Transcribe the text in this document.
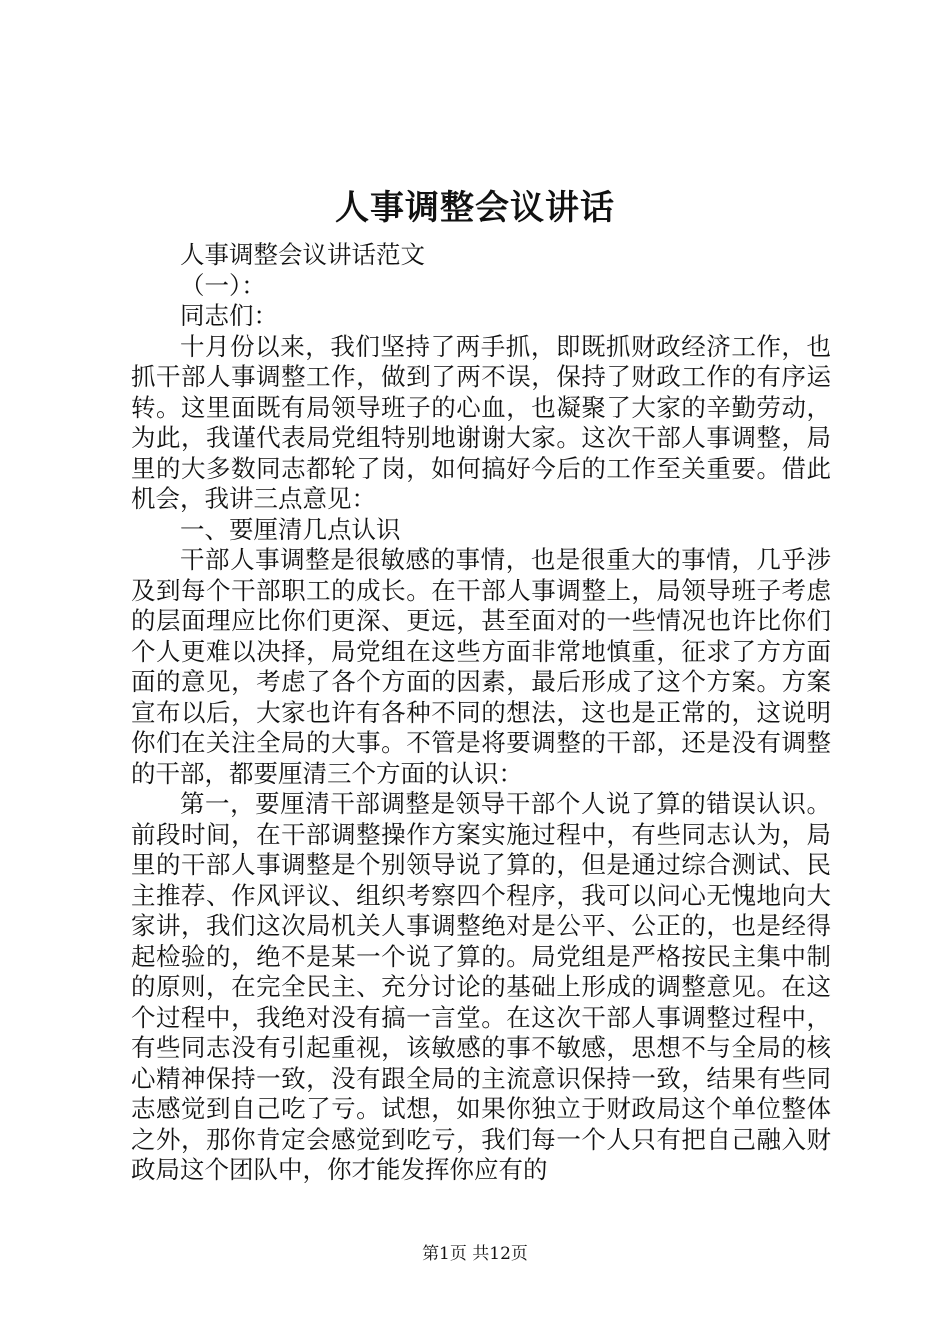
人事调整会议讲话

人事调整会议讲话范文

（一）：

同志们：

十月份以来，我们坚持了两手抓，即既抓财政经济工作，也抓干部人事调整工作，做到了两不误，保持了财政工作的有序运转。这里面既有局领导班子的心血，也凝聚了大家的辛勤劳动，为此，我谨代表局党组特别地谢谢大家。这次干部人事调整，局里的大多数同志都轮了岗，如何搞好今后的工作至关重要。借此机会，我讲三点意见：

一、要厘清几点认识

干部人事调整是很敏感的事情，也是很重大的事情，几乎涉及到每个干部职工的成长。在干部人事调整上，局领导班子考虑的层面理应比你们更深、更远，甚至面对的一些情况也许比你们个人更难以决择，局党组在这些方面非常地慎重，征求了方方面面的意见，考虑了各个方面的因素，最后形成了这个方案。方案宣布以后，大家也许有各种不同的想法，这也是正常的，这说明你们在关注全局的大事。不管是将要调整的干部，还是没有调整的干部，都要厘清三个方面的认识：

第一，要厘清干部调整是领导干部个人说了算的错误认识。前段时间，在干部调整操作方案实施过程中，有些同志认为，局里的干部人事调整是个别领导说了算的，但是通过综合测试、民主推荐、作风评议、组织考察四个程序，我可以问心无愧地向大家讲，我们这次局机关人事调整绝对是公平、公正的，也是经得起检验的，绝不是某一个说了算的。局党组是严格按民主集中制的原则，在完全民主、充分讨论的基础上形成的调整意见。在这个过程中，我绝对没有搞一言堂。在这次干部人事调整过程中，有些同志没有引起重视，该敏感的事不敏感，思想不与全局的核心精神保持一致，没有跟全局的主流意识保持一致，结果有些同志感觉到自己吃了亏。试想，如果你独立于财政局这个单位整体之外，那你肯定会感觉到吃亏，我们每一个人只有把自己融入财政局这个团队中，你才能发挥你应有的

第1页 共12页
